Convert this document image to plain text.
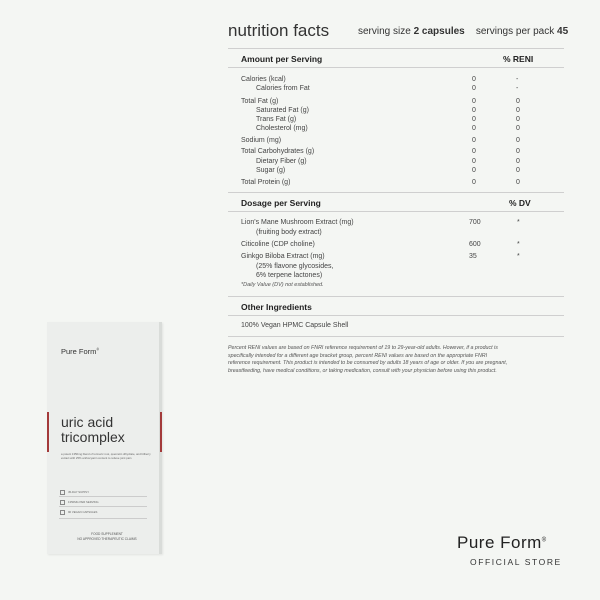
nutrition facts	serving size 2 capsules servings per pack 45
Amount per Serving	% RENI
Calories (kcal)	0	-
Calories from Fat	0	-
Total Fat (g)	0	0
Saturated Fat (g)	0	0
Trans Fat (g)	0	0
Cholesterol (mg)	0	0
Sodium (mg)	0	0
Total Carbohydrates (g)	0	0
Dietary Fiber (g)	0	0
Sugar (g)	0	0
Total Protein (g)	0	0
Dosage per Serving	% DV
Lion's Mane Mushroom Extract (mg)	700	*
(fruiting body extract)
Citicoline (CDP choline)	600	*
Ginkgo Biloba Extract (mg)	35	*
(25% flavone glycosides,
6% terpene lactones)
*Daily Value (DV) not established.
Other Ingredients
100% Vegan HPMC Capsule Shell
Percent RENI values are based on FNRI reference requirement of 19 to 29-year-old adults. However, if a product is specifically intended for a different age bracket group, percent RENI values are based on the appropriate FNRI reference requirement. This product is intended to be consumed by adults 18 years of age or older. If you are pregnant, breastfeeding, have medical conditions, or taking medication, consult with your physician before using this product.
Pure Form®
uric acid
tricomplex
a potent 1350mg blend of turmeric root, quercetin dihydrate, and bilberry extract with 25% anthocyanin content to relieve joint pain
45-DAY SUPPLY
1350MG PER SERVING
90 VEGAN CAPSULES
FOOD SUPPLEMENT
NO APPROVED THERAPEUTIC CLAIMS	Pure Form®
OFFICIAL STORE
